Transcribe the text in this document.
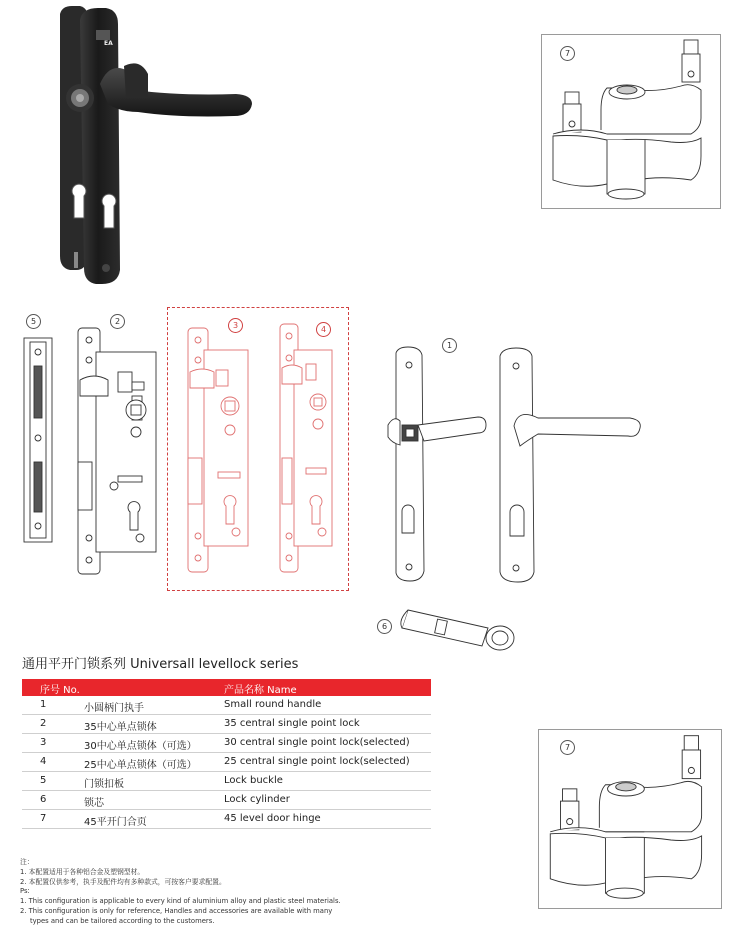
EA
7
5	2	3	4
1
6
通用平开门锁系列 Universall levellock series
序号 No.	产品名称 Name
1	小圆柄门执手	Small round handle
2	35中心单点锁体	35 central single point lock
3	30中心单点锁体（可选）	30 central single point lock(selected)
4	25中心单点锁体（可选）	25 central single point lock(selected)
5	门锁扣板	Lock buckle
6	锁芯	Lock cylinder
7	45平开门合页	45 level door hinge
7
注：
1. 本配置适用于各种铝合金及塑钢型材。
2. 本配置仅供参考，执手及配件均有多种款式，可按客户要求配置。
Ps:
1. This configuration is applicable to every kind of aluminium alloy and plastic steel materials.
2. This configuration is only for reference, Handles and accessories are available with many
types and can be tailored according to the customers.
